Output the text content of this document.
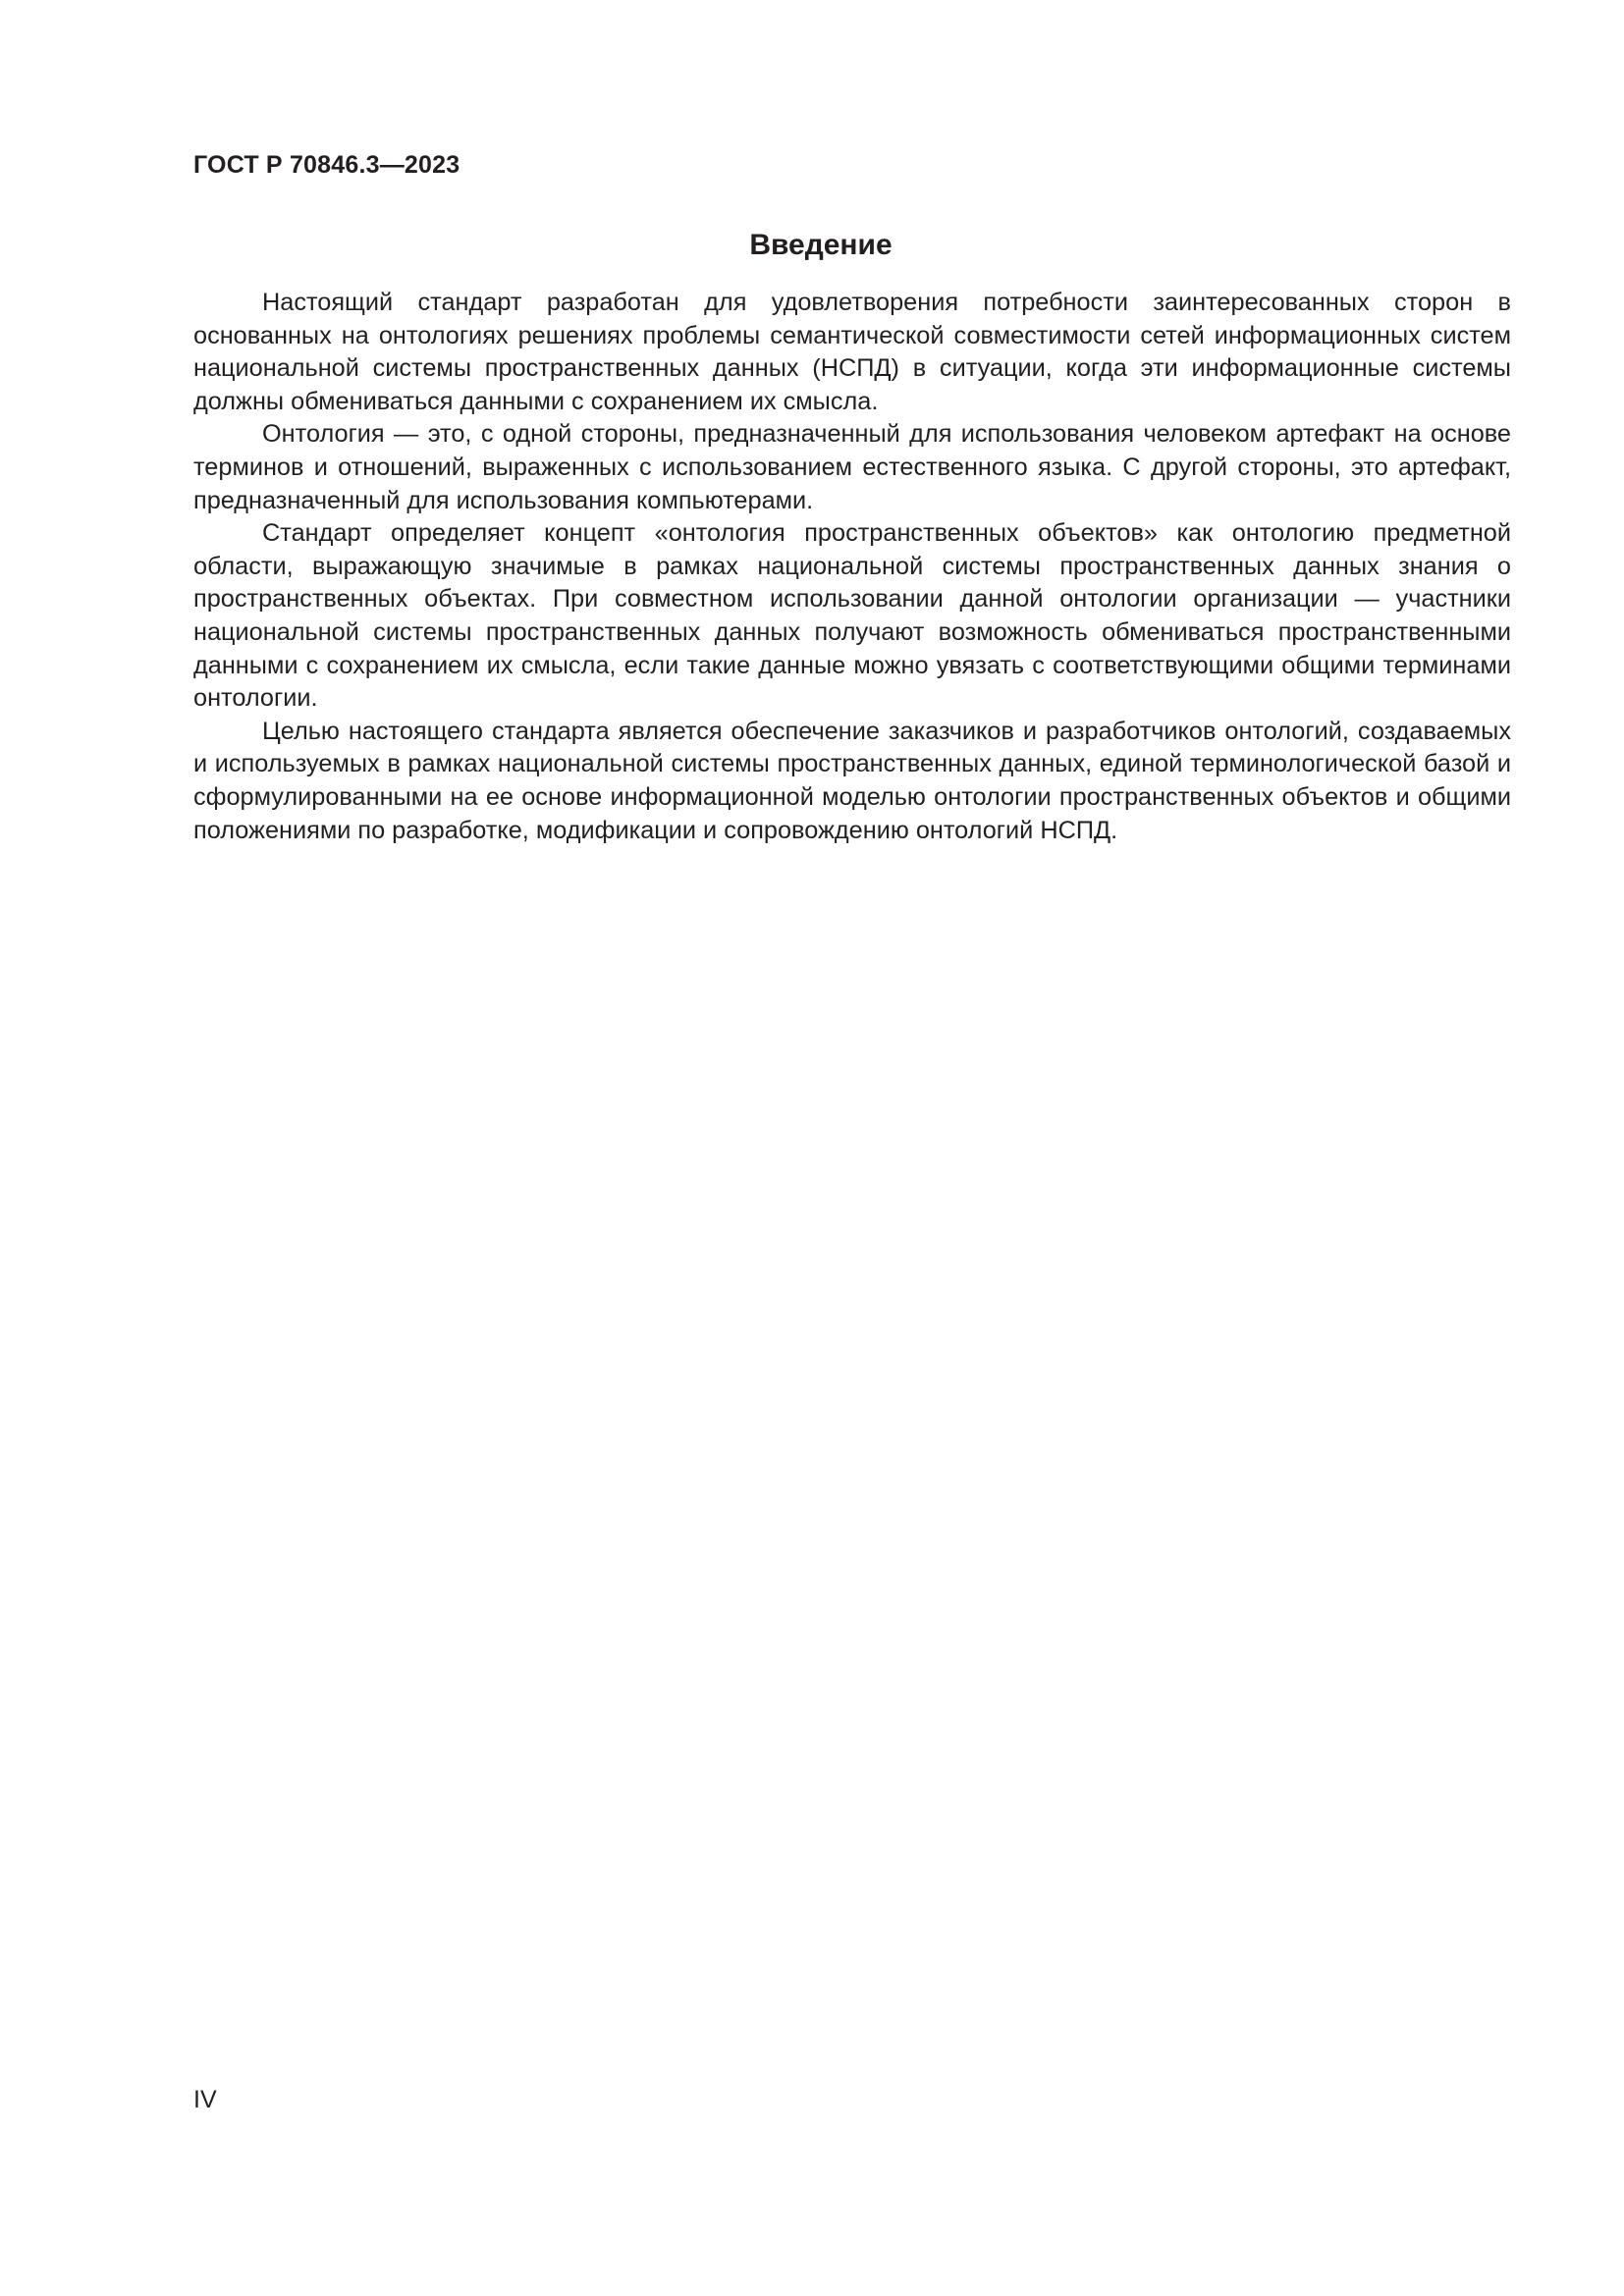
ГОСТ Р 70846.3—2023
Введение

Настоящий стандарт разработан для удовлетворения потребности заинтересованных сторон в основанных на онтологиях решениях проблемы семантической совместимости сетей информационных систем национальной системы пространственных данных (НСПД) в ситуации, когда эти информационные системы должны обмениваться данными с сохранением их смысла.

Онтология — это, с одной стороны, предназначенный для использования человеком артефакт на основе терминов и отношений, выраженных с использованием естественного языка. С другой стороны, это артефакт, предназначенный для использования компьютерами.

Стандарт определяет концепт «онтология пространственных объектов» как онтологию предметной области, выражающую значимые в рамках национальной системы пространственных данных знания о пространственных объектах. При совместном использовании данной онтологии организации — участники национальной системы пространственных данных получают возможность обмениваться пространственными данными с сохранением их смысла, если такие данные можно увязать с соответствующими общими терминами онтологии.

Целью настоящего стандарта является обеспечение заказчиков и разработчиков онтологий, создаваемых и используемых в рамках национальной системы пространственных данных, единой терминологической базой и сформулированными на ее основе информационной моделью онтологии пространственных объектов и общими положениями по разработке, модификации и сопровождению онтологий НСПД.

IV
